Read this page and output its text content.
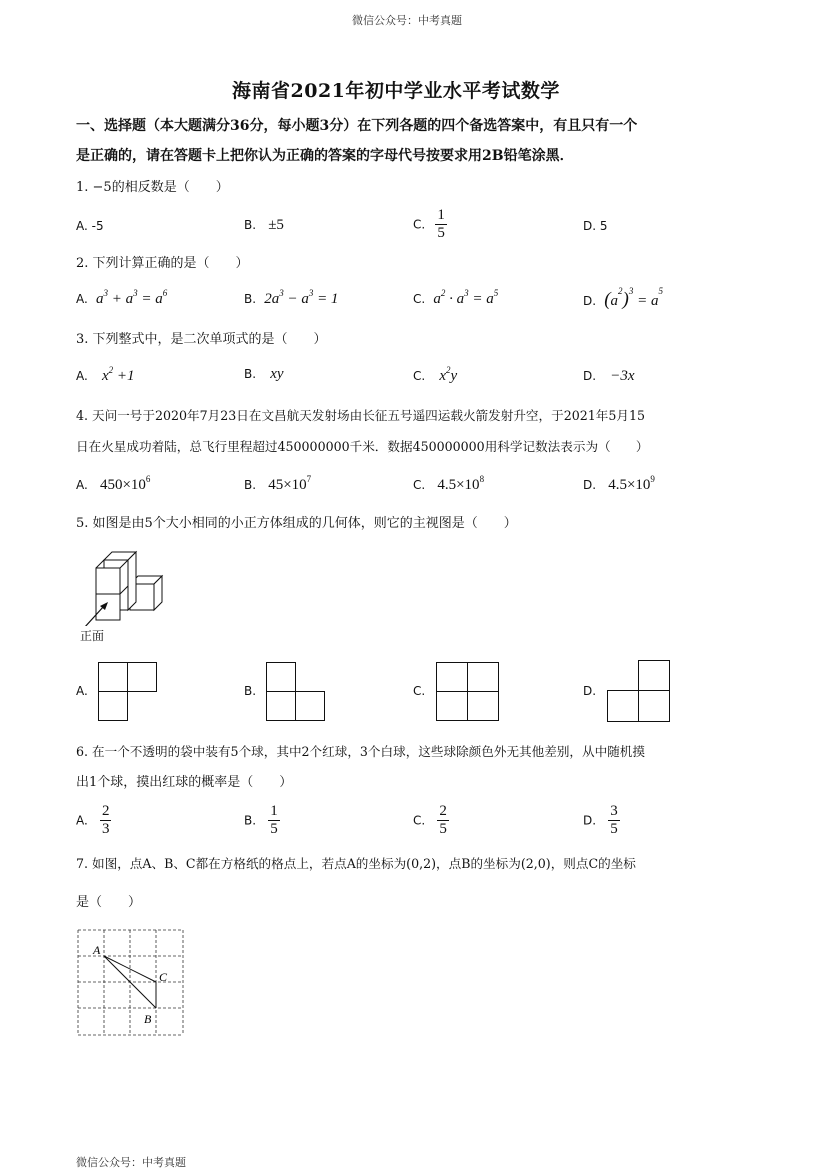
微信公众号：中考真题
海南省2021年初中学业水平考试数学
一、选择题（本大题满分36分，每小题3分）在下列各题的四个备选答案中，有且只有一个
是正确的，请在答题卡上把你认为正确的答案的字母代号按要求用2B铅笔涂黑．
1. −5的相反数是（　　）
A. -5	B. ±5	C. $\frac{1}{5}$	D. 5
2. 下列计算正确的是（　　）
A. $a^3 + a^3 = a^6$	B. $2a^3 - a^3 = 1$	C. $a^2 \cdot a^3 = a^5$
D. $(a^2)^3 = a^5$
3. 下列整式中，是二次单项式的是（　　）
A. $x^2 +1$	B. xy	C. $x^2y$	D. −3x
4. 天问一号于2020年7月23日在文昌航天发射场由长征五号遥四运载火箭发射升空，于2021年5月15
日在火星成功着陆，总飞行里程超过450000000千米．数据450000000用科学记数法表示为（　　）
A. $450\times 10^6$	B. $45\times 10^7$	C. $4.5\times 10^8$	D. $4.5\times 10^9$
5. 如图是由5个大小相同的小正方体组成的几何体，则它的主视图是（　　）
正面
A.	B.	C.	D.
6. 在一个不透明的袋中装有5个球，其中2个红球，3个白球，这些球除颜色外无其他差别，从中随机摸
出1个球，摸出红球的概率是（　　）
A. $\frac{2}{3}$	B. $\frac{1}{5}$	C. $\frac{2}{5}$	D. $\frac{3}{5}$
7. 如图，点A、B、C都在方格纸的格点上，若点A的坐标为(0,2)，点B的坐标为(2,0)，则点C的坐标
是（　　）
A
C
B
微信公众号：中考真题
